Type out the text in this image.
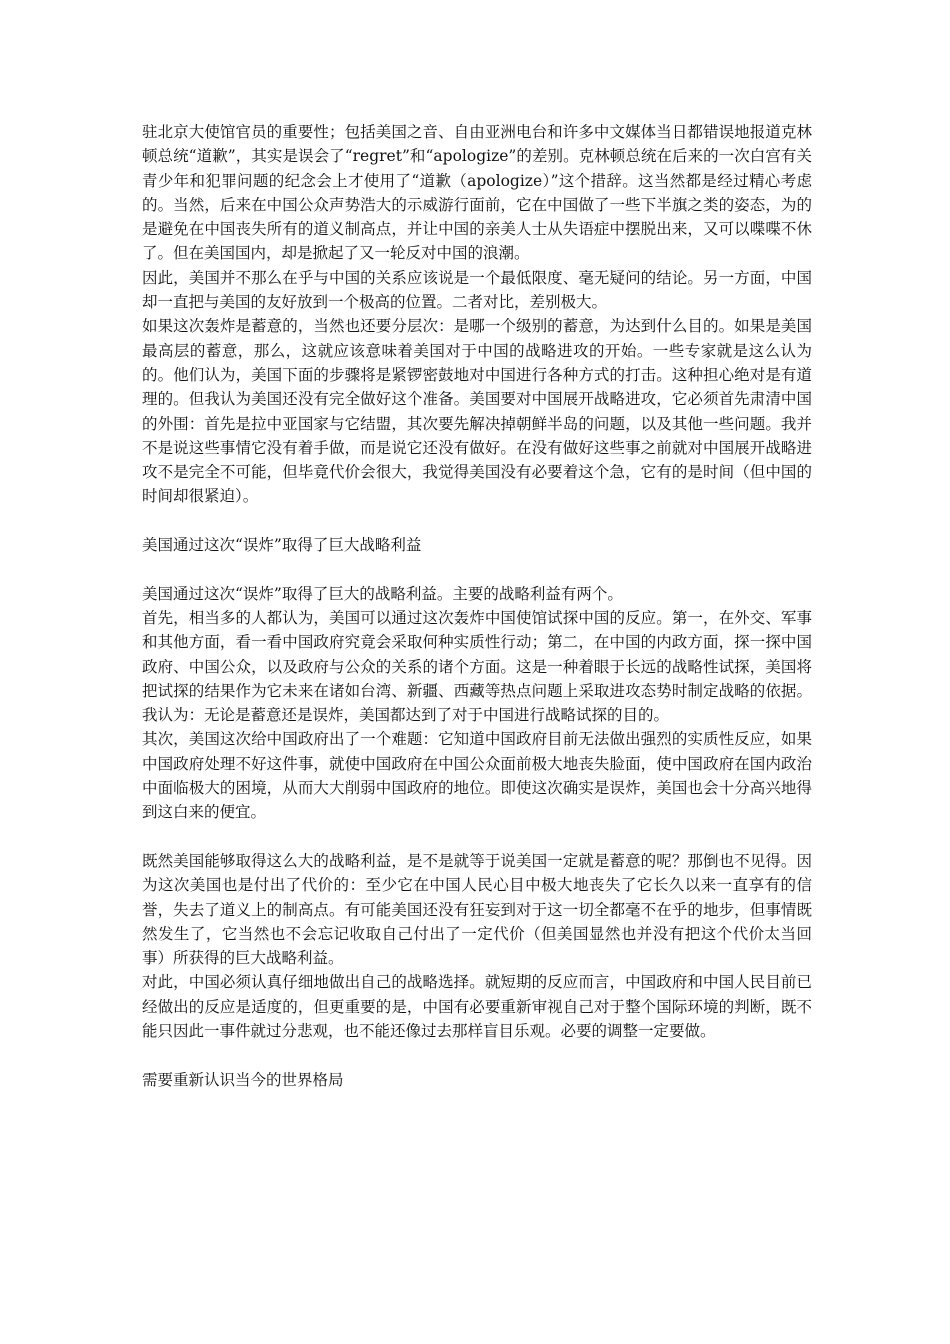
驻北京大使馆官员的重要性；包括美国之音、自由亚洲电台和许多中文媒体当日都错误地报道克林顿总统“道歉”，其实是误会了“regret”和“apologize”的差别。克林顿总统在后来的一次白宫有关青少年和犯罪问题的纪念会上才使用了“道歉（apologize）”这个措辞。这当然都是经过精心考虑的。当然，后来在中国公众声势浩大的示威游行面前，它在中国做了一些下半旗之类的姿态，为的是避免在中国丧失所有的道义制高点，并让中国的亲美人士从失语症中摆脱出来，又可以喋喋不休了。但在美国国内，却是掀起了又一轮反对中国的浪潮。

因此，美国并不那么在乎与中国的关系应该说是一个最低限度、毫无疑问的结论。另一方面，中国却一直把与美国的友好放到一个极高的位置。二者对比，差别极大。

如果这次轰炸是蓄意的，当然也还要分层次：是哪一个级别的蓄意，为达到什么目的。如果是美国最高层的蓄意，那么，这就应该意味着美国对于中国的战略进攻的开始。一些专家就是这么认为的。他们认为，美国下面的步骤将是紧锣密鼓地对中国进行各种方式的打击。这种担心绝对是有道理的。但我认为美国还没有完全做好这个准备。美国要对中国展开战略进攻，它必须首先肃清中国的外围：首先是拉中亚国家与它结盟，其次要先解决掉朝鲜半岛的问题，以及其他一些问题。我并不是说这些事情它没有着手做，而是说它还没有做好。在没有做好这些事之前就对中国展开战略进攻不是完全不可能，但毕竟代价会很大，我觉得美国没有必要着这个急，它有的是时间（但中国的时间却很紧迫）。

美国通过这次“误炸”取得了巨大战略利益

美国通过这次“误炸”取得了巨大的战略利益。主要的战略利益有两个。

首先，相当多的人都认为，美国可以通过这次轰炸中国使馆试探中国的反应。第一，在外交、军事和其他方面，看一看中国政府究竟会采取何种实质性行动；第二，在中国的内政方面，探一探中国政府、中国公众，以及政府与公众的关系的诸个方面。这是一种着眼于长远的战略性试探，美国将把试探的结果作为它未来在诸如台湾、新疆、西藏等热点问题上采取进攻态势时制定战略的依据。我认为：无论是蓄意还是误炸，美国都达到了对于中国进行战略试探的目的。

其次，美国这次给中国政府出了一个难题：它知道中国政府目前无法做出强烈的实质性反应，如果中国政府处理不好这件事，就使中国政府在中国公众面前极大地丧失脸面，使中国政府在国内政治中面临极大的困境，从而大大削弱中国政府的地位。即使这次确实是误炸，美国也会十分高兴地得到这白来的便宜。

既然美国能够取得这么大的战略利益，是不是就等于说美国一定就是蓄意的呢？那倒也不见得。因为这次美国也是付出了代价的：至少它在中国人民心目中极大地丧失了它长久以来一直享有的信誉，失去了道义上的制高点。有可能美国还没有狂妄到对于这一切全都毫不在乎的地步，但事情既然发生了，它当然也不会忘记收取自己付出了一定代价（但美国显然也并没有把这个代价太当回事）所获得的巨大战略利益。

对此，中国必须认真仔细地做出自己的战略选择。就短期的反应而言，中国政府和中国人民目前已经做出的反应是适度的，但更重要的是，中国有必要重新审视自己对于整个国际环境的判断，既不能只因此一事件就过分悲观，也不能还像过去那样盲目乐观。必要的调整一定要做。

需要重新认识当今的世界格局
